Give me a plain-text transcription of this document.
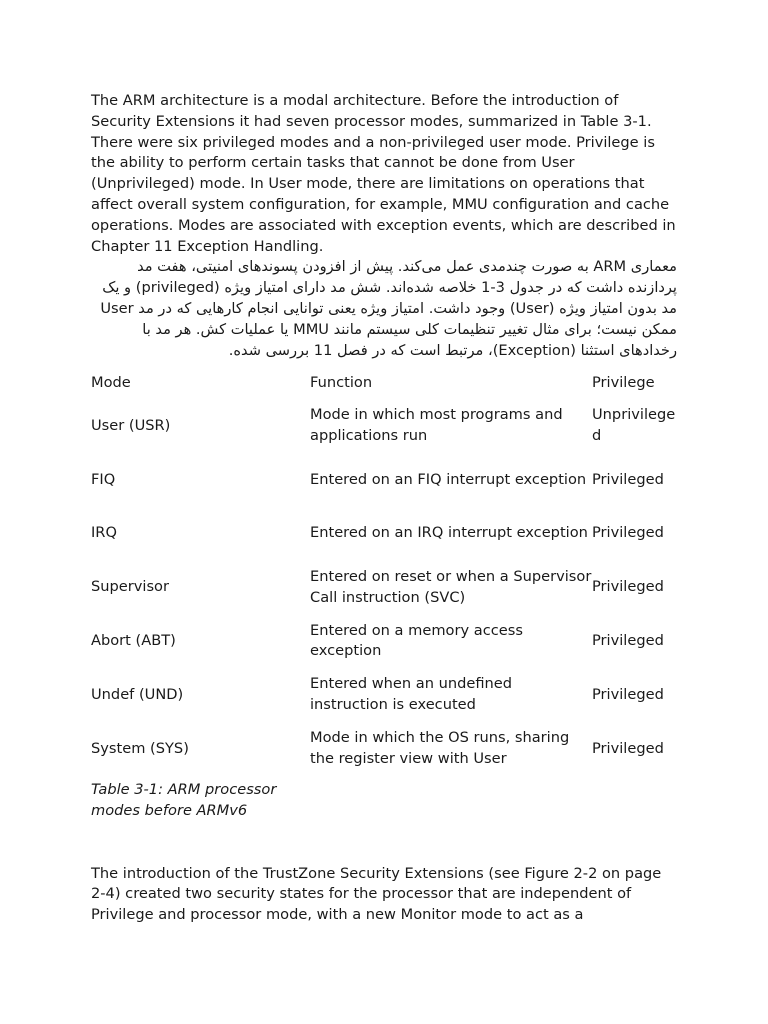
The ARM architecture is a modal architecture. Before the introduction of Security Extensions it had seven processor modes, summarized in Table 3-1. There were six privileged modes and a non-privileged user mode. Privilege is the ability to perform certain tasks that cannot be done from User (Unprivileged) mode. In User mode, there are limitations on operations that affect overall system configuration, for example, MMU configuration and cache operations. Modes are associated with exception events, which are described in Chapter 11 Exception Handling.

معماری ARM به صورت چندمدی عمل می‌کند. پیش از افزودن پسوندهای امنیتی، هفت مد پردازنده داشت که در جدول 3-1 خلاصه شده‌اند. شش مد دارای امتیاز ویژه (privileged) و یک مد بدون امتیاز ویژه (User) وجود داشت. امتیاز ویژه یعنی توانایی انجام کارهایی که در مد User ممکن نیست؛ برای مثال تغییر تنظیمات کلی سیستم مانند MMU یا عملیات کش. هر مد با رخدادهای استثنا (Exception)، مرتبط است که در فصل 11 بررسی شده‌.

Mode	Function	Privilege
User (USR)	Mode in which most programs and applications run	Unprivileged
FIQ	Entered on an FIQ interrupt exception	Privileged
IRQ	Entered on an IRQ interrupt exception	Privileged
Supervisor	Entered on reset or when a Supervisor Call instruction (SVC)	Privileged
Abort (ABT)	Entered on a memory access exception	Privileged
Undef (UND)	Entered when an undefined instruction is executed	Privileged
System (SYS)	Mode in which the OS runs, sharing the register view with User	Privileged

Table 3-1: ARM processor modes before ARMv6

The introduction of the TrustZone Security Extensions (see Figure 2-2 on page 2-4) created two security states for the processor that are independent of Privilege and processor mode, with a new Monitor mode to act as a
